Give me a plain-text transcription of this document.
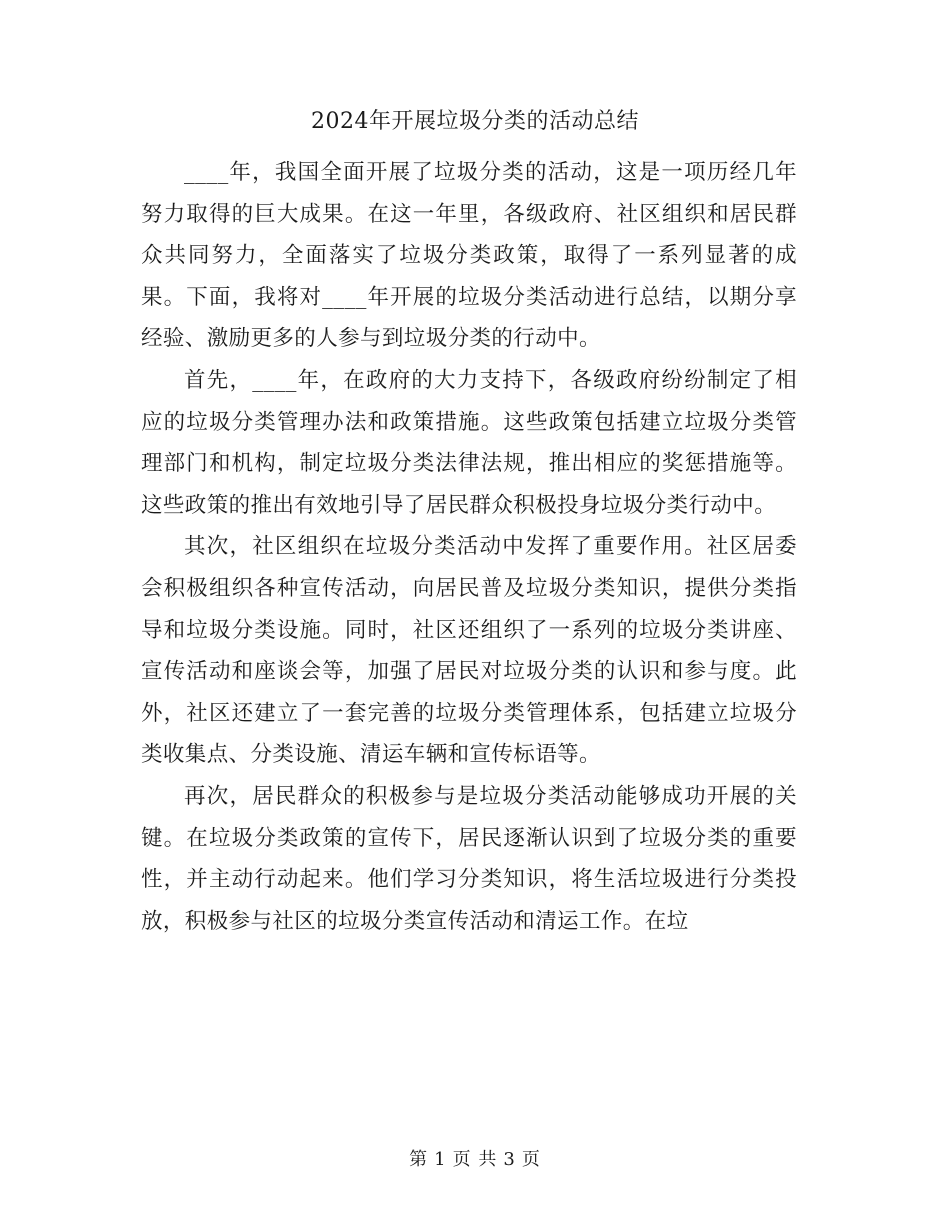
2024年开展垃圾分类的活动总结

____年，我国全面开展了垃圾分类的活动，这是一项历经几年努力取得的巨大成果。在这一年里，各级政府、社区组织和居民群众共同努力，全面落实了垃圾分类政策，取得了一系列显著的成果。下面，我将对____年开展的垃圾分类活动进行总结，以期分享经验、激励更多的人参与到垃圾分类的行动中。

首先，____年，在政府的大力支持下，各级政府纷纷制定了相应的垃圾分类管理办法和政策措施。这些政策包括建立垃圾分类管理部门和机构，制定垃圾分类法律法规，推出相应的奖惩措施等。这些政策的推出有效地引导了居民群众积极投身垃圾分类行动中。

其次，社区组织在垃圾分类活动中发挥了重要作用。社区居委会积极组织各种宣传活动，向居民普及垃圾分类知识，提供分类指导和垃圾分类设施。同时，社区还组织了一系列的垃圾分类讲座、宣传活动和座谈会等，加强了居民对垃圾分类的认识和参与度。此外，社区还建立了一套完善的垃圾分类管理体系，包括建立垃圾分类收集点、分类设施、清运车辆和宣传标语等。

再次，居民群众的积极参与是垃圾分类活动能够成功开展的关键。在垃圾分类政策的宣传下，居民逐渐认识到了垃圾分类的重要性，并主动行动起来。他们学习分类知识，将生活垃圾进行分类投放，积极参与社区的垃圾分类宣传活动和清运工作。在垃

第 1 页 共 3 页
